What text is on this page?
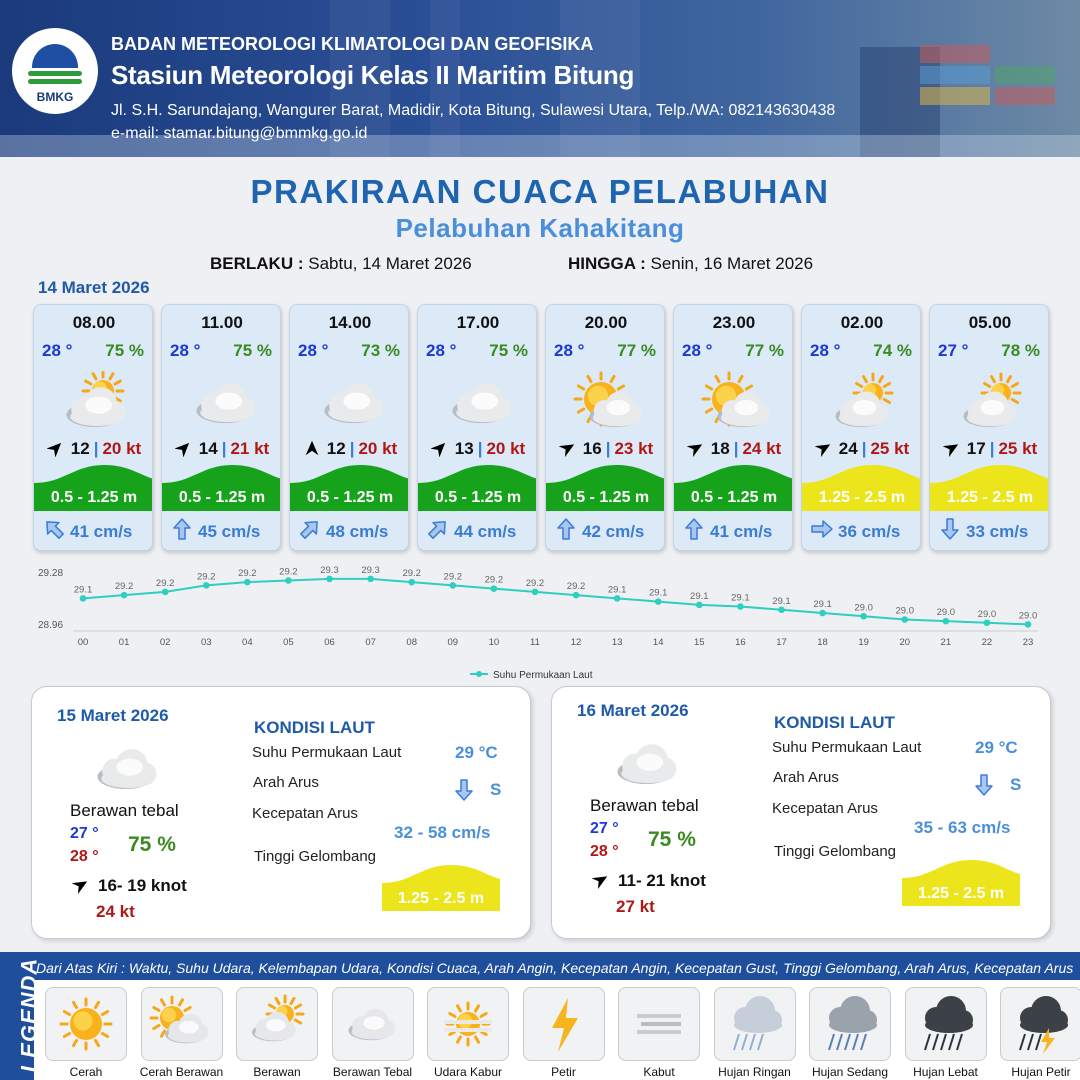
BMKG
BADAN METEOROLOGI KLIMATOLOGI DAN GEOFISIKA
Stasiun Meteorologi Kelas II Maritim Bitung
Jl. S.H. Sarundajang, Wangurer Barat, Madidir, Kota Bitung, Sulawesi Utara, Telp./WA: 082143630438
e-mail: stamar.bitung@bmmkg.go.id
PRAKIRAAN CUACA PELABUHAN
Pelabuhan Kahakitang
BERLAKU : Sabtu, 14 Maret 2026	HINGGA : Senin, 16 Maret 2026
14 Maret 2026
08.00
28 ° 75 %
12 | 20 kt
0.5 - 1.25 m
41 cm/s
11.00
28 ° 75 %
14 | 21 kt
0.5 - 1.25 m
45 cm/s
14.00
28 ° 73 %
12 | 20 kt
0.5 - 1.25 m
48 cm/s
17.00
28 ° 75 %
13 | 20 kt
0.5 - 1.25 m
44 cm/s
20.00
28 ° 77 %
16 | 23 kt
0.5 - 1.25 m
42 cm/s
23.00
28 ° 77 %
18 | 24 kt
0.5 - 1.25 m
41 cm/s
02.00
28 ° 74 %
24 | 25 kt
1.25 - 2.5 m
36 cm/s
05.00
27 ° 78 %
17 | 25 kt
1.25 - 2.5 m
33 cm/s
29.28
28.96
29.1
00
29.2
01
29.2
02
29.2
03
29.2
04
29.2
05
29.3
06
29.3
07
29.2
08
29.2
09
29.2
10
29.2
11
29.2
12
29.1
13
29.1
14
29.1
15
29.1
16
29.1
17
29.1
18
29.0
19
29.0
20
29.0
21
29.0
22
29.0
23
Suhu Permukaan Laut
15 Maret 2026
Berawan tebal
27 °
28 °
75 %
16- 19 knot
24 kt
KONDISI LAUT
Suhu Permukaan Laut	29 °C
Arah Arus	S
Kecepatan Arus
32 - 58 cm/s
Tinggi Gelombang
1.25 - 2.5 m
16 Maret 2026
Berawan tebal
27 °
28 °
75 %
11- 21 knot
27 kt
KONDISI LAUT
Suhu Permukaan Laut	29 °C
Arah Arus	S
Kecepatan Arus
35 - 63 cm/s
Tinggi Gelombang
1.25 - 2.5 m
LEGENDA
Dari Atas Kiri : Waktu, Suhu Udara, Kelembapan Udara, Kondisi Cuaca, Arah Angin, Kecepatan Angin, Kecepatan Gust, Tinggi Gelombang, Arah Arus, Kecepatan Arus
Cerah	Cerah Berawan	Berawan	Berawan Tebal	Udara Kabur	Petir	Kabut	Hujan Ringan	Hujan Sedang	Hujan Lebat	Hujan Petir
